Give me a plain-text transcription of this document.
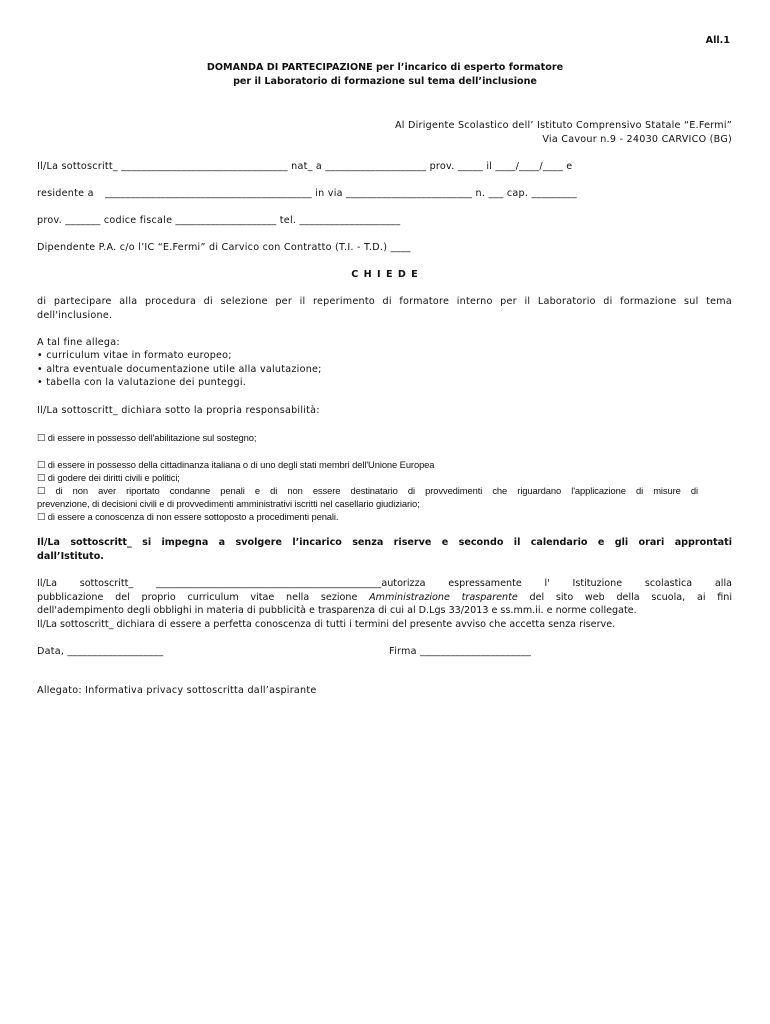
All.1
DOMANDA DI PARTECIPAZIONE per l’incarico di esperto formatore
per il Laboratorio di formazione sul tema dell’inclusione
Al Dirigente Scolastico dell’ Istituto Comprensivo Statale “E.Fermi”
Via Cavour n.9 - 24030 CARVICO (BG)
Il/La sottoscritt_ _________________________________ nat_ a ____________________ prov. _____ il ____/____/____ e
residente a _________________________________________ in via _________________________ n. ___ cap. _________
prov. _______ codice fiscale ____________________ tel. ____________________
Dipendente P.A. c/o l’IC “E.Fermi” di Carvico con Contratto (T.I. - T.D.) ____
C H I E D E
di partecipare alla procedura di selezione per il reperimento di formatore interno per il Laboratorio di formazione sul tema
dell'inclusione.
A tal fine allega:
• curriculum vitae in formato europeo;
• altra eventuale documentazione utile alla valutazione;
• tabella con la valutazione dei punteggi.
Il/La sottoscritt_ dichiara sotto la propria responsabilità:
☐ di essere in possesso dell'abilitazione sul sostegno;
☐ di essere in possesso della cittadinanza italiana o di uno degli stati membri dell'Unione Europea
☐ di godere dei diritti civili e politici;
☐ di non aver riportato condanne penali e di non essere destinatario di provvedimenti che riguardano l'applicazione di misure di
prevenzione, di decisioni civili e di provvedimenti amministrativi iscritti nel casellario giudiziario;
☐ di essere a conoscenza di non essere sottoposto a procedimenti penali.
Il/La sottoscritt_ si impegna a svolgere l’incarico senza riserve e secondo il calendario e gli orari approntati
dall’Istituto.
Il/La sottoscritt_ _______________________________________________autorizza espressamente l' Istituzione scolastica alla
pubblicazione del proprio curriculum vitae nella sezione Amministrazione trasparente del sito web della scuola, ai fini
dell'adempimento degli obblighi in materia di pubblicità e trasparenza di cui al D.Lgs 33/2013 e ss.mm.ii. e norme collegate.
Il/La sottoscritt_ dichiara di essere a perfetta conoscenza di tutti i termini del presente avviso che accetta senza riserve.
Data, ___________________	Firma ______________________
Allegato: Informativa privacy sottoscritta dall’aspirante
